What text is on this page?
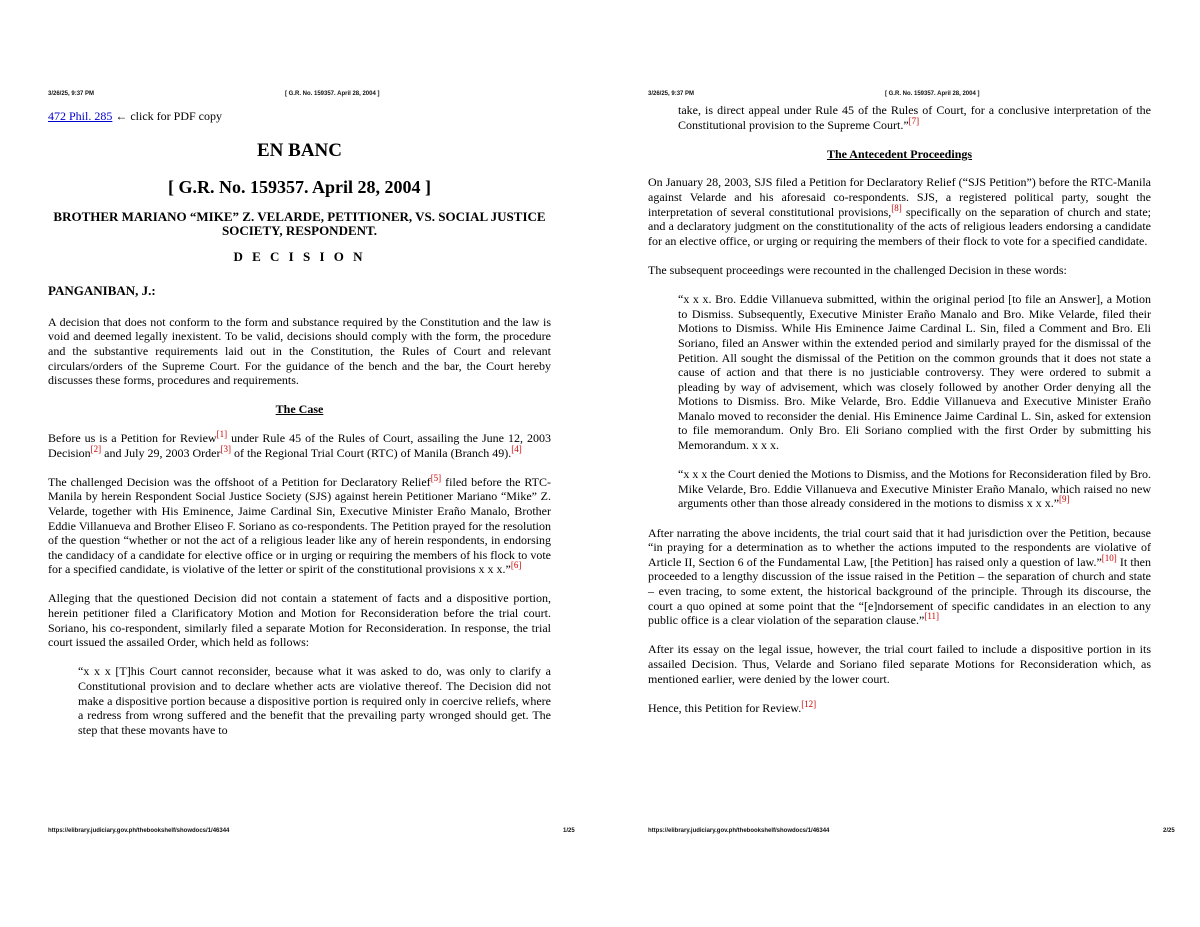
3/26/25, 9:37 PM	[ G.R. No. 159357. April 28, 2004 ]

472 Phil. 285 ← click for PDF copy

EN BANC
[ G.R. No. 159357. April 28, 2004 ]
BROTHER MARIANO “MIKE” Z. VELARDE, PETITIONER, VS. SOCIAL JUSTICE SOCIETY, RESPONDENT.
D E C I S I O N
PANGANIBAN, J.:

A decision that does not conform to the form and substance required by the Constitution and the law is void and deemed legally inexistent. To be valid, decisions should comply with the form, the procedure and the substantive requirements laid out in the Constitution, the Rules of Court and relevant circulars/orders of the Supreme Court. For the guidance of the bench and the bar, the Court hereby discusses these forms, procedures and requirements.

The Case

Before us is a Petition for Review[1] under Rule 45 of the Rules of Court, assailing the June 12, 2003 Decision[2] and July 29, 2003 Order[3] of the Regional Trial Court (RTC) of Manila (Branch 49).[4]

The challenged Decision was the offshoot of a Petition for Declaratory Relief[5] filed before the RTC-Manila by herein Respondent Social Justice Society (SJS) against herein Petitioner Mariano “Mike” Z. Velarde, together with His Eminence, Jaime Cardinal Sin, Executive Minister Eraño Manalo, Brother Eddie Villanueva and Brother Eliseo F. Soriano as co-respondents. The Petition prayed for the resolution of the question “whether or not the act of a religious leader like any of herein respondents, in endorsing the candidacy of a candidate for elective office or in urging or requiring the members of his flock to vote for a specified candidate, is violative of the letter or spirit of the constitutional provisions x x x.”[6]

Alleging that the questioned Decision did not contain a statement of facts and a dispositive portion, herein petitioner filed a Clarificatory Motion and Motion for Reconsideration before the trial court. Soriano, his co-respondent, similarly filed a separate Motion for Reconsideration. In response, the trial court issued the assailed Order, which held as follows:

“x x x [T]his Court cannot reconsider, because what it was asked to do, was only to clarify a Constitutional provision and to declare whether acts are violative thereof. The Decision did not make a dispositive portion because a dispositive portion is required only in coercive reliefs, where a redress from wrong suffered and the benefit that the prevailing party wronged should get. The step that these movants have to

https://elibrary.judiciary.gov.ph/thebookshelf/showdocs/1/46344	1/25
3/26/25, 9:37 PM	[ G.R. No. 159357. April 28, 2004 ]

take, is direct appeal under Rule 45 of the Rules of Court, for a conclusive interpretation of the Constitutional provision to the Supreme Court.”[7]

The Antecedent Proceedings

On January 28, 2003, SJS filed a Petition for Declaratory Relief (“SJS Petition”) before the RTC-Manila against Velarde and his aforesaid co-respondents. SJS, a registered political party, sought the interpretation of several constitutional provisions,[8] specifically on the separation of church and state; and a declaratory judgment on the constitutionality of the acts of religious leaders endorsing a candidate for an elective office, or urging or requiring the members of their flock to vote for a specified candidate.

The subsequent proceedings were recounted in the challenged Decision in these words:

“x x x. Bro. Eddie Villanueva submitted, within the original period [to file an Answer], a Motion to Dismiss. Subsequently, Executive Minister Eraño Manalo and Bro. Mike Velarde, filed their Motions to Dismiss. While His Eminence Jaime Cardinal L. Sin, filed a Comment and Bro. Eli Soriano, filed an Answer within the extended period and similarly prayed for the dismissal of the Petition. All sought the dismissal of the Petition on the common grounds that it does not state a cause of action and that there is no justiciable controversy. They were ordered to submit a pleading by way of advisement, which was closely followed by another Order denying all the Motions to Dismiss. Bro. Mike Velarde, Bro. Eddie Villanueva and Executive Minister Eraño Manalo moved to reconsider the denial. His Eminence Jaime Cardinal L. Sin, asked for extension to file memorandum. Only Bro. Eli Soriano complied with the first Order by submitting his Memorandum. x x x.

“x x x the Court denied the Motions to Dismiss, and the Motions for Reconsideration filed by Bro. Mike Velarde, Bro. Eddie Villanueva and Executive Minister Eraño Manalo, which raised no new arguments other than those already considered in the motions to dismiss x x x.”[9]

After narrating the above incidents, the trial court said that it had jurisdiction over the Petition, because “in praying for a determination as to whether the actions imputed to the respondents are violative of Article II, Section 6 of the Fundamental Law, [the Petition] has raised only a question of law.”[10] It then proceeded to a lengthy discussion of the issue raised in the Petition – the separation of church and state – even tracing, to some extent, the historical background of the principle. Through its discourse, the court a quo opined at some point that the “[e]ndorsement of specific candidates in an election to any public office is a clear violation of the separation clause.”[11]

After its essay on the legal issue, however, the trial court failed to include a dispositive portion in its assailed Decision. Thus, Velarde and Soriano filed separate Motions for Reconsideration which, as mentioned earlier, were denied by the lower court.

Hence, this Petition for Review.[12]

https://elibrary.judiciary.gov.ph/thebookshelf/showdocs/1/46344	2/25
